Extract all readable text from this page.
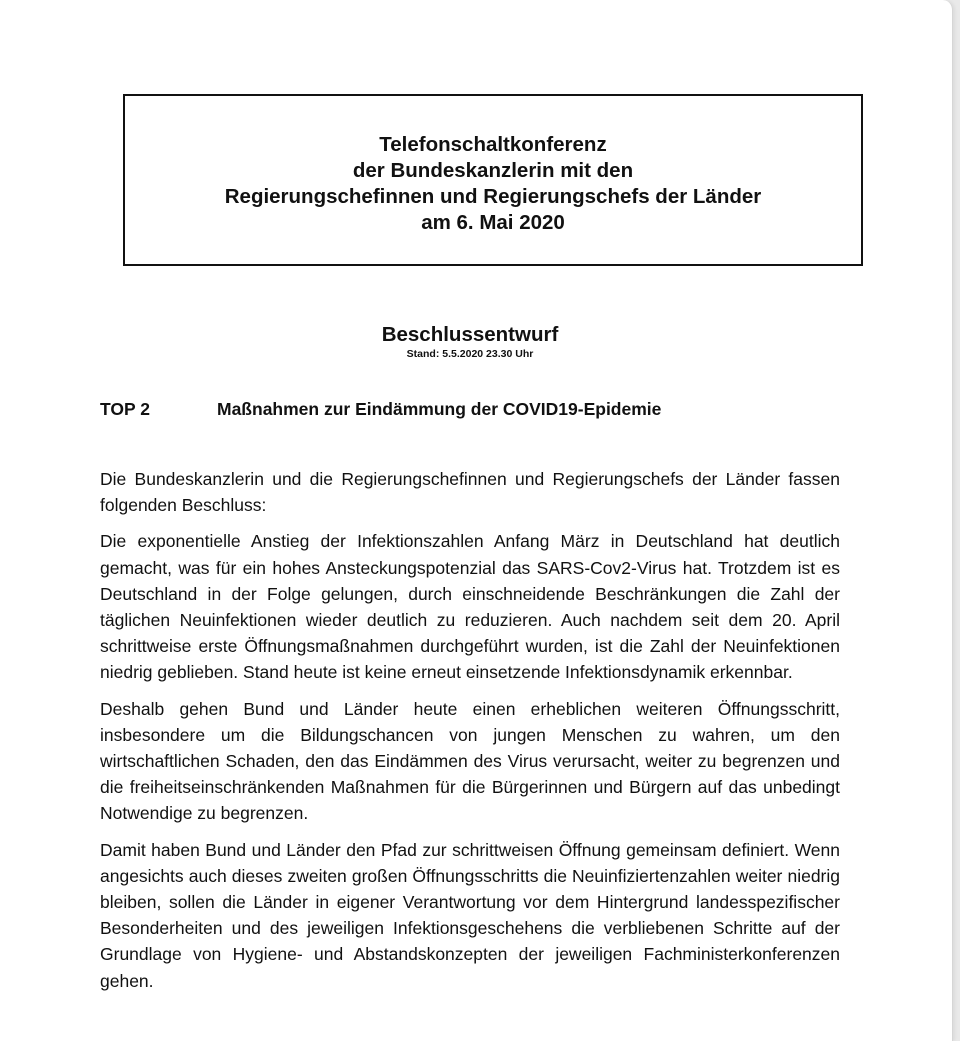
Telefonschaltkonferenz

der Bundeskanzlerin mit den

Regierungschefinnen und Regierungschefs der Länder

am 6. Mai 2020

Beschlussentwurf
Stand: 5.5.2020 23.30 Uhr
TOP 2	Maßnahmen zur Eindämmung der COVID19-Epidemie

Die Bundeskanzlerin und die Regierungschefinnen und Regierungschefs der Länder fassen folgenden Beschluss:

Die exponentielle Anstieg der Infektionszahlen Anfang März in Deutschland hat deutlich gemacht, was für ein hohes Ansteckungspotenzial das SARS-Cov2-Virus hat. Trotzdem ist es Deutschland in der Folge gelungen, durch einschneidende Beschränkungen die Zahl der täglichen Neuinfektionen wieder deutlich zu reduzieren. Auch nachdem seit dem 20. April schrittweise erste Öffnungsmaßnahmen durchgeführt wurden, ist die Zahl der Neuinfektionen niedrig geblieben. Stand heute ist keine erneut einsetzende Infektionsdynamik erkennbar.

Deshalb gehen Bund und Länder heute einen erheblichen weiteren Öffnungsschritt, insbesondere um die Bildungschancen von jungen Menschen zu wahren, um den wirtschaftlichen Schaden, den das Eindämmen des Virus verursacht, weiter zu begrenzen und die freiheitseinschränkenden Maßnahmen für die Bürgerinnen und Bürgern auf das unbedingt Notwendige zu begrenzen.

Damit haben Bund und Länder den Pfad zur schrittweisen Öffnung gemeinsam definiert. Wenn angesichts auch dieses zweiten großen Öffnungsschritts die Neuinfiziertenzahlen weiter niedrig bleiben, sollen die Länder in eigener Verantwortung vor dem Hintergrund landesspezifischer Besonderheiten und des jeweiligen Infektionsgeschehens die verbliebenen Schritte auf der Grundlage von Hygiene- und Abstandskonzepten der jeweiligen Fachministerkonferenzen gehen.
